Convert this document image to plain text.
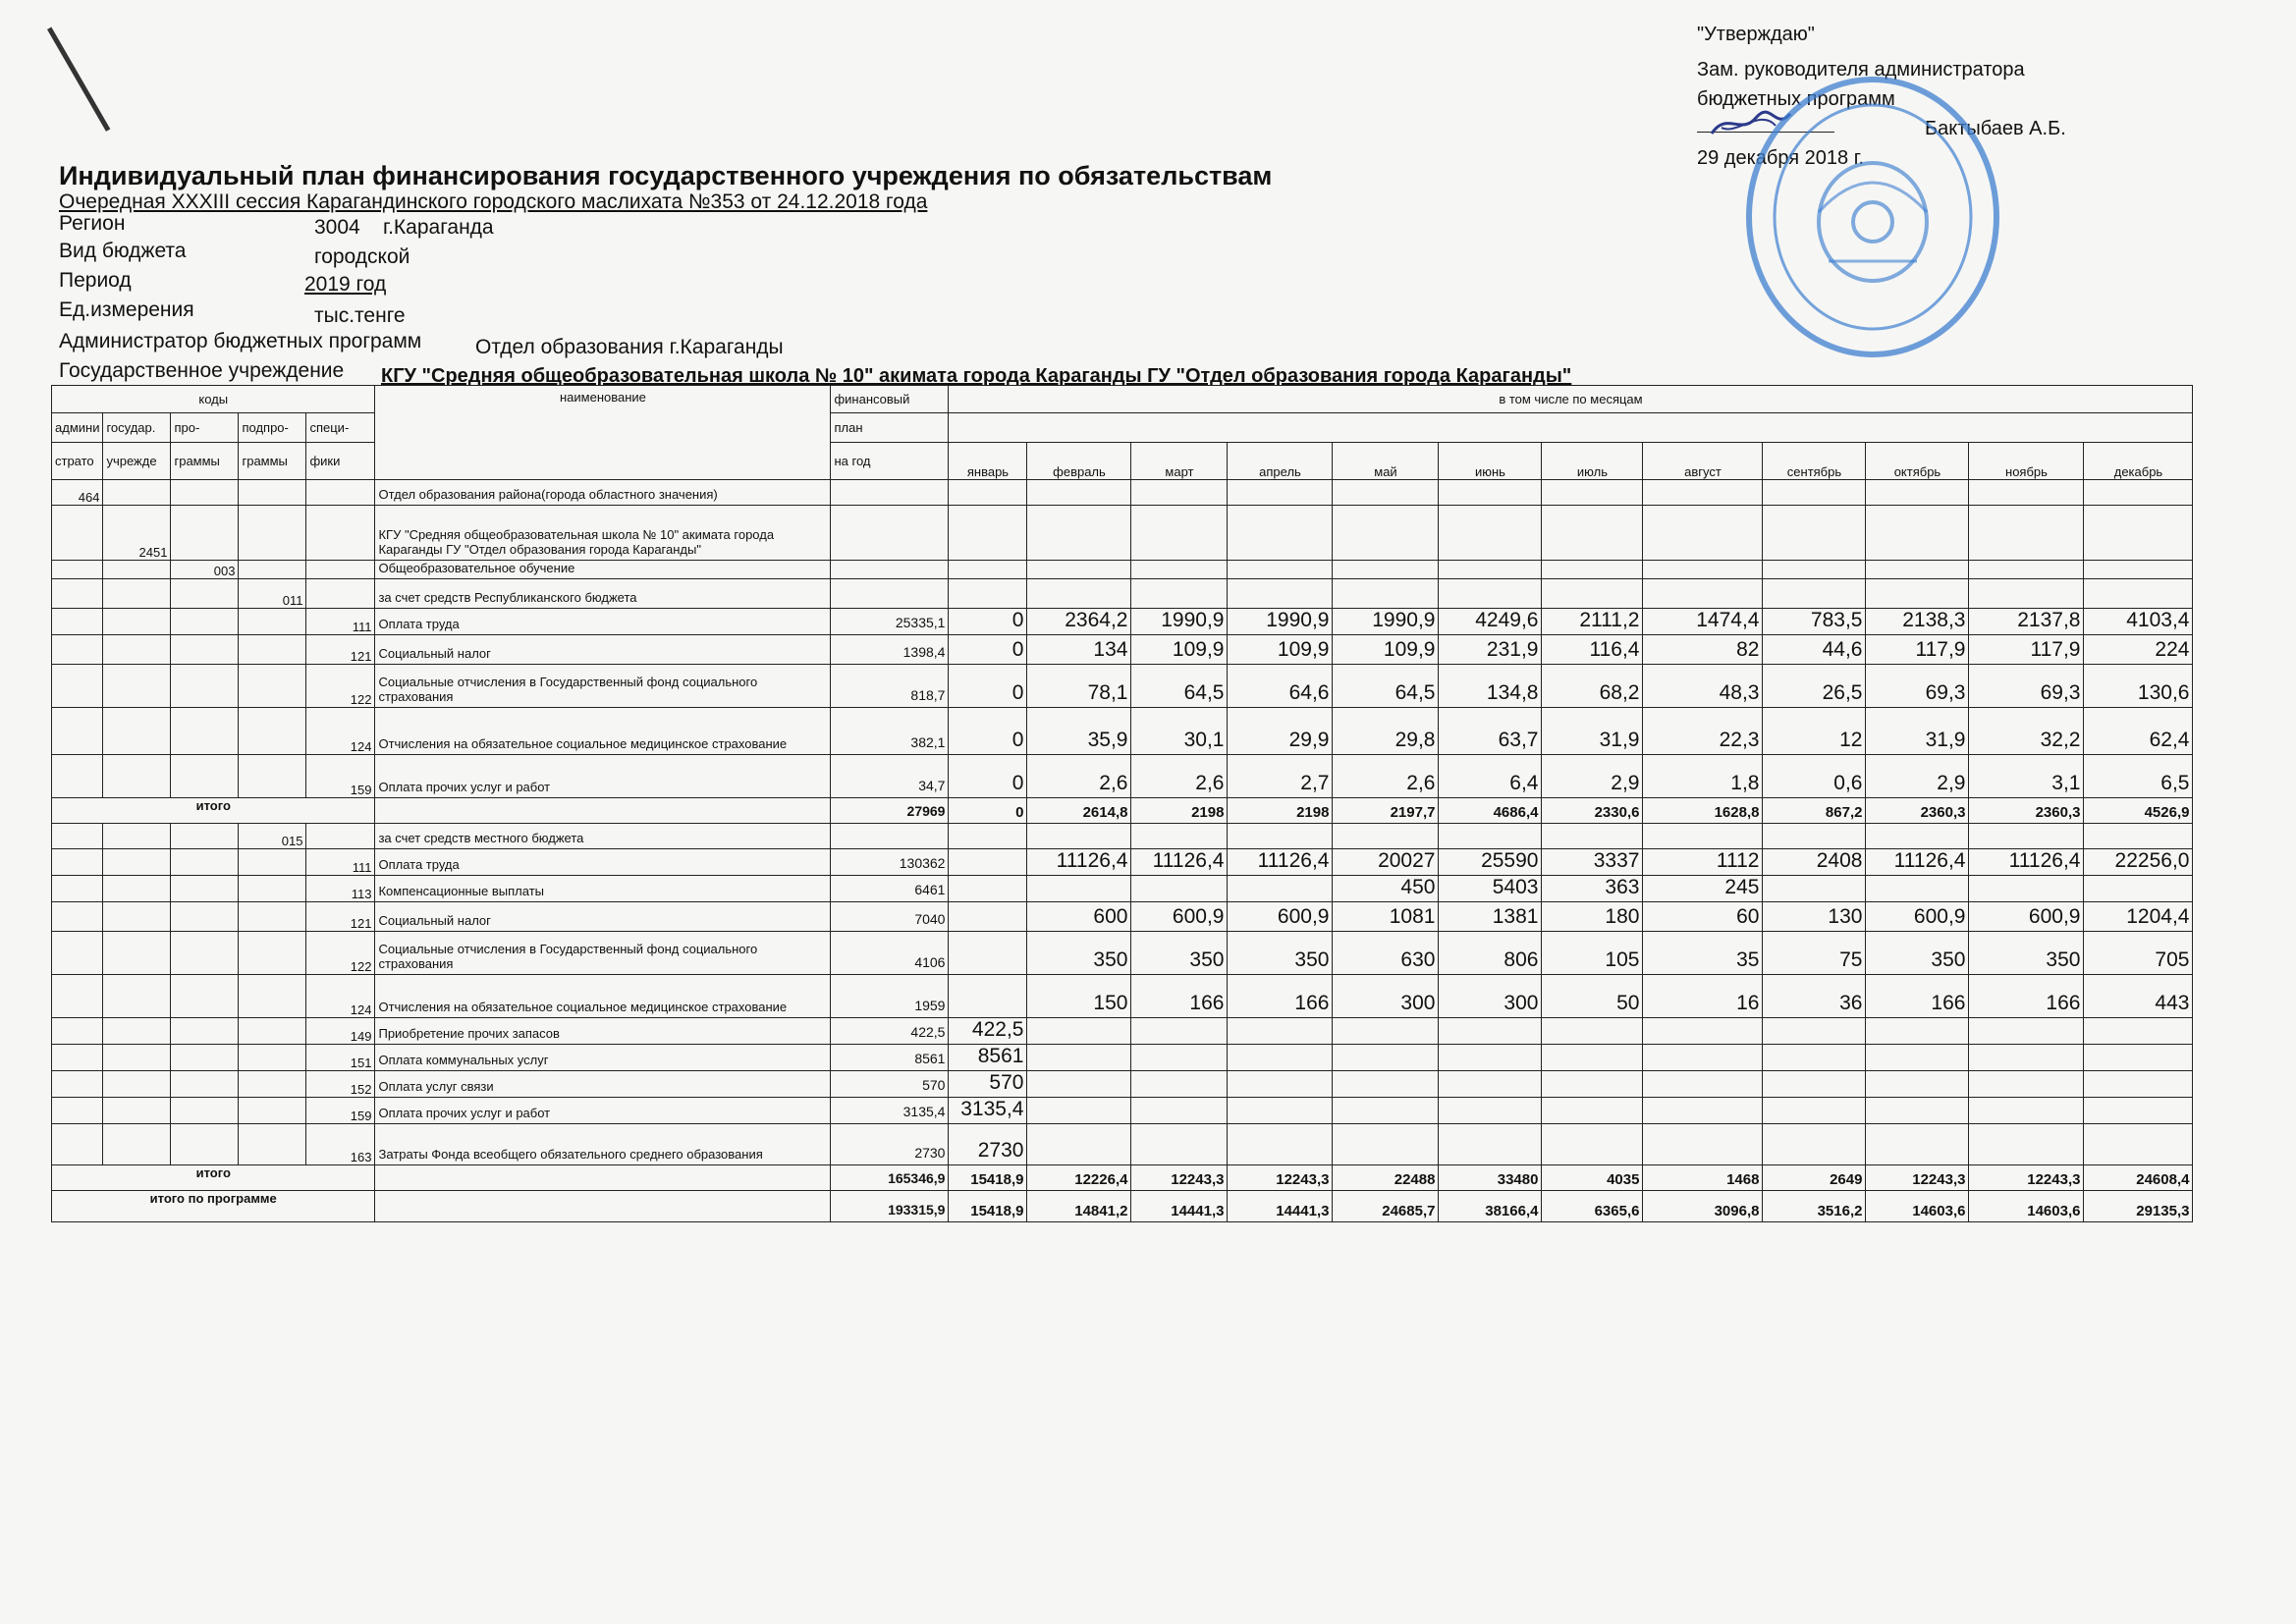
"Утверждаю"
Зам. руководителя администратора
бюджетных программ
Бактыбаев А.Б.
29 декабря 2018 г.
Индивидуальный план финансирования государственного учреждения по обязательствам
Очередная XXXIII сессия Карагандинского городского маслихата №353 от 24.12.2018 года
Регион	3004 г.Караганда
Вид бюджета	городской
Период	2019 год
Ед.измерения	тыс.тенге
Администратор бюджетных программ	Отдел образования г.Караганды
Государственное учреждение КГУ "Средняя общеобразовательная школа № 10" акимата города Караганды ГУ "Отдел образования города Караганды"
коды					наименование	финансовый	в том числе по месяцам											
админи	государ.	про-	подпро-	специ-		план												
страто	учрежде	граммы	граммы	фики		на год	январь	февраль	март	апрель	май	июнь	июль	август	сентябрь	октябрь	ноябрь	декабрь
464					Отдел образования района(города областного значения)													
	2451				КГУ "Средняя общеобразовательная школа № 10" акимата города Караганды ГУ "Отдел образования города Караганды"													
		003			Общеобразовательное обучение													
			011		за счет средств Республиканского бюджета													
				111	Оплата труда	25335,1	0	2364,2	1990,9	1990,9	1990,9	4249,6	2111,2	1474,4	783,5	2138,3	2137,8	4103,4
				121	Социальный налог	1398,4	0	134	109,9	109,9	109,9	231,9	116,4	82	44,6	117,9	117,9	224
				122	Социальные отчисления в Государственный фонд социального страхования	818,7	0	78,1	64,5	64,6	64,5	134,8	68,2	48,3	26,5	69,3	69,3	130,6
				124	Отчисления на обязательное социальное медицинское страхование	382,1	0	35,9	30,1	29,9	29,8	63,7	31,9	22,3	12	31,9	32,2	62,4
				159	Оплата прочих услуг и работ	34,7	0	2,6	2,6	2,7	2,6	6,4	2,9	1,8	0,6	2,9	3,1	6,5
итого						27969	0	2614,8	2198	2198	2197,7	4686,4	2330,6	1628,8	867,2	2360,3	2360,3	4526,9
			015		за счет средств местного бюджета													
				111	Оплата труда	130362		11126,4	11126,4	11126,4	20027	25590	3337	1112	2408	11126,4	11126,4	22256,0
				113	Компенсационные выплаты	6461					450	5403	363	245				
				121	Социальный налог	7040		600	600,9	600,9	1081	1381	180	60	130	600,9	600,9	1204,4
				122	Социальные отчисления в Государственный фонд социального страхования	4106		350	350	350	630	806	105	35	75	350	350	705
				124	Отчисления на обязательное социальное медицинское страхование	1959		150	166	166	300	300	50	16	36	166	166	443
				149	Приобретение прочих запасов	422,5	422,5											
				151	Оплата коммунальных услуг	8561	8561											
				152	Оплата услуг связи	570	570											
				159	Оплата прочих услуг и работ	3135,4	3135,4											
				163	Затраты Фонда всеобщего обязательного среднего образования	2730	2730											
итого						165346,9	15418,9	12226,4	12243,3	12243,3	22488	33480	4035	1468	2649	12243,3	12243,3	24608,4
итого по программе						193315,9	15418,9	14841,2	14441,3	14441,3	24685,7	38166,4	6365,6	3096,8	3516,2	14603,6	14603,6	29135,3
